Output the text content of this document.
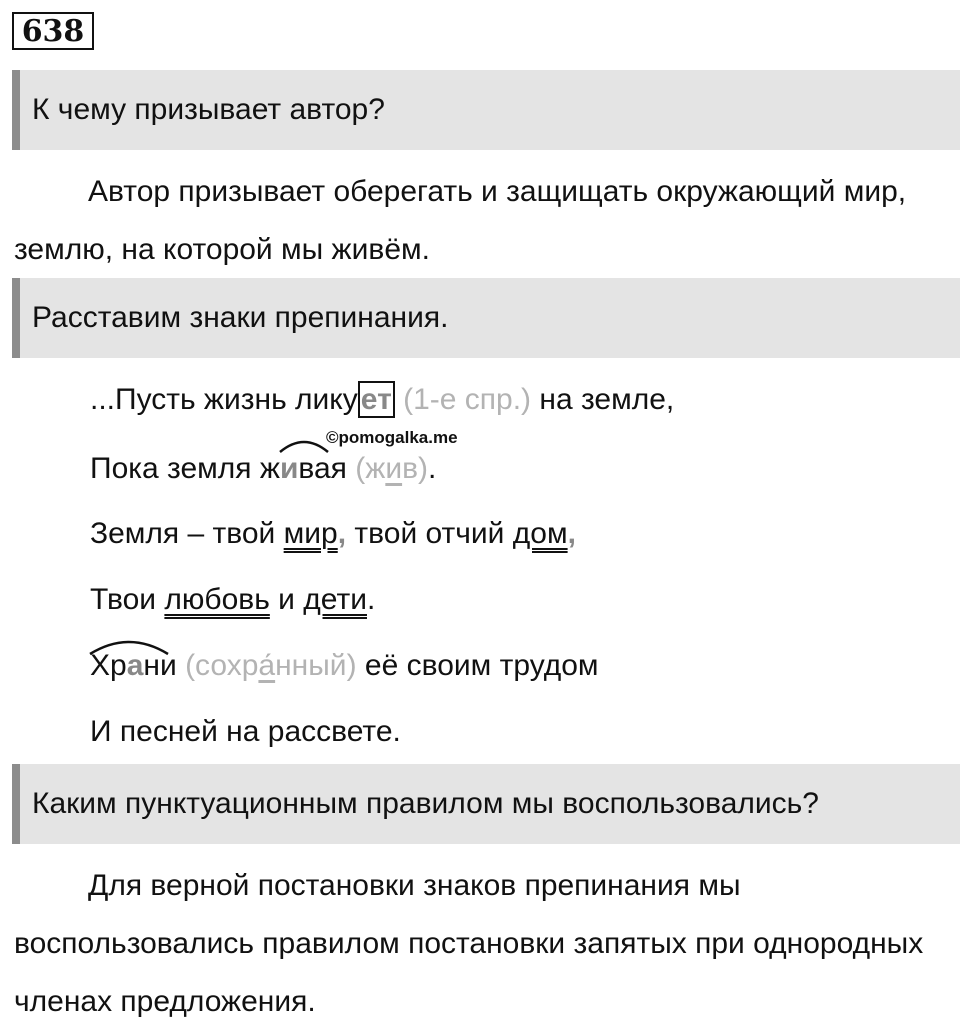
638
К чему призывает автор?

Автор призывает оберегать и защищать окружающий мир, землю, на которой мы живём.

Расставим знаки препинания.
...Пусть жизнь лику ет (1-е спр.) на земле,
©pomogalka.me
Пока земля живая (жив).
Земля – твой мир, твой отчий дом,
Твои любовь и дети.
Храни (сохра́нный) её своим трудом
И песней на рассвете.
Каким пунктуационным правилом мы воспользовались?

Для верной постановки знаков препинания мы воспользовались правилом постановки запятых при однородных членах предложения.
